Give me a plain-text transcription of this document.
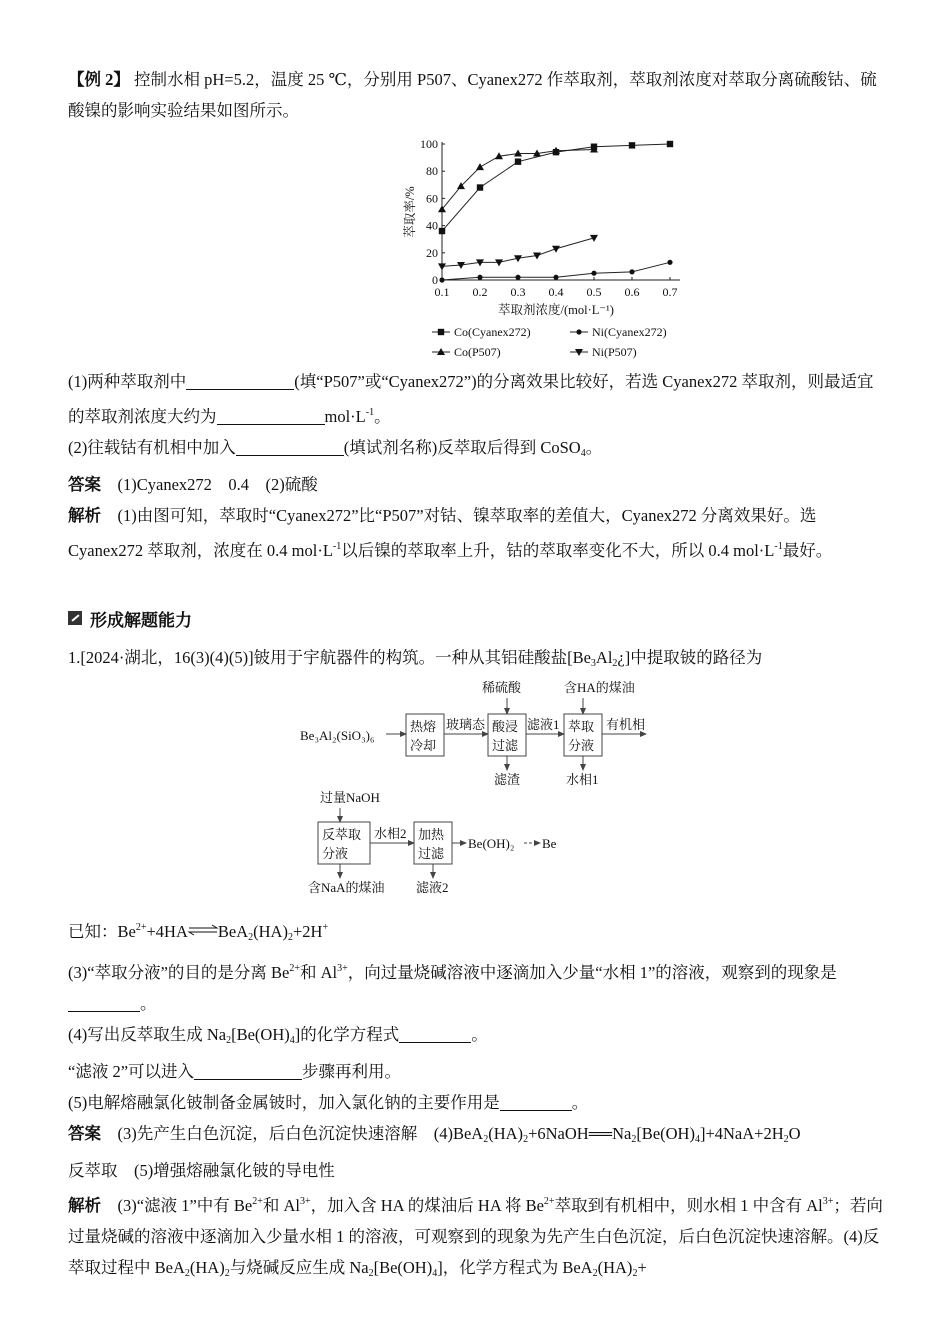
【例 2】 控制水相 pH=5.2，温度 25 ℃，分别用 P507、Cyanex272 作萃取剂，萃取剂浓度对萃取分离硫酸钴、硫酸镍的影响实验结果如图所示。

0.1 0.2 0.3 0.4 0.5 0.6 0.7
0
20
40
60
80
100
萃取剂浓度/(mol·L⁻¹)
萃取率/%
Co(Cyanex272)	Ni(Cyanex272)
Co(P507)	Ni(P507)

(1)两种萃取剂中	(填“P507”或“Cyanex272”)的分离效果比较好，若选 Cyanex272 萃取剂，则最适宜的萃取剂浓度大约为	$mol\cdot L^{-1}$。

(2)往载钴有机相中加入	(填试剂名称)反萃取后得到 CoSO$_4$。

答案　 (1)Cyanex272　0.4　(2)硫酸

解析　 (1)由图可知，萃取时“Cyanex272”比“P507”对钴、镍萃取率的差值大，Cyanex272 分离效果好。选 Cyanex272 萃取剂，浓度在 0.4 $mol\cdot L^{-1}$以后镍的萃取率上升，钴的萃取率变化不大，所以 0.4 $mol\cdot L^{-1}$最好。

形成解题能力

1.[2024·湖北，16(3)(4)(5)]铍用于宇航器件的构筑。一种从其铝硅酸盐$[Be_3Al_2¿]$中提取铍的路径为

Be₃Al₂(SiO₃)₆
热熔
冷却
玻璃态
稀硫酸
酸浸
过滤
滤渣
滤液1
含HA的煤油
萃取
分液
水相1
有机相
过量NaOH
反萃取
分液
含NaA的煤油
水相2 加热
过滤
滤液2
Be(OH)₂ Be

已知：$Be^{2+}+4HA\rightleftharpoons BeA_2(HA)_2+2H^+$

(3)“萃取分液”的目的是分离 $Be^{2+}$和 $Al^{3+}$，向过量烧碱溶液中逐滴加入少量“水相 1”的溶液，观察到的现象是。

(4)写出反萃取生成 $Na_2[Be(OH)_4]$的化学方程式	。

“滤液 2”可以进入	步骤再利用。

(5)电解熔融氯化铍制备金属铍时，加入氯化钠的主要作用是	。

答案　 (3)先产生白色沉淀，后白色沉淀快速溶解　$(4)BeA_2(HA)_2+6NaOH══Na_2[Be(OH)_4]+4NaA+2H_2O$

反萃取　(5)增强熔融氯化铍的导电性

解析　 (3)“滤液 1”中有 $Be^{2+}$和 $Al^{3+}$，加入含 HA 的煤油后 HA 将 $Be^{2+}$萃取到有机相中，则水相 1 中含有 $Al^{3+}$；若向过量烧碱的溶液中逐滴加入少量水相 1 的溶液，可观察到的现象为先产生白色沉淀，后白色沉淀快速溶解。(4)反萃取过程中 $BeA_2(HA)_2$与烧碱反应生成 $Na_2[Be(OH)_4]$，化学方程式为 $BeA_2(HA)_2+$
